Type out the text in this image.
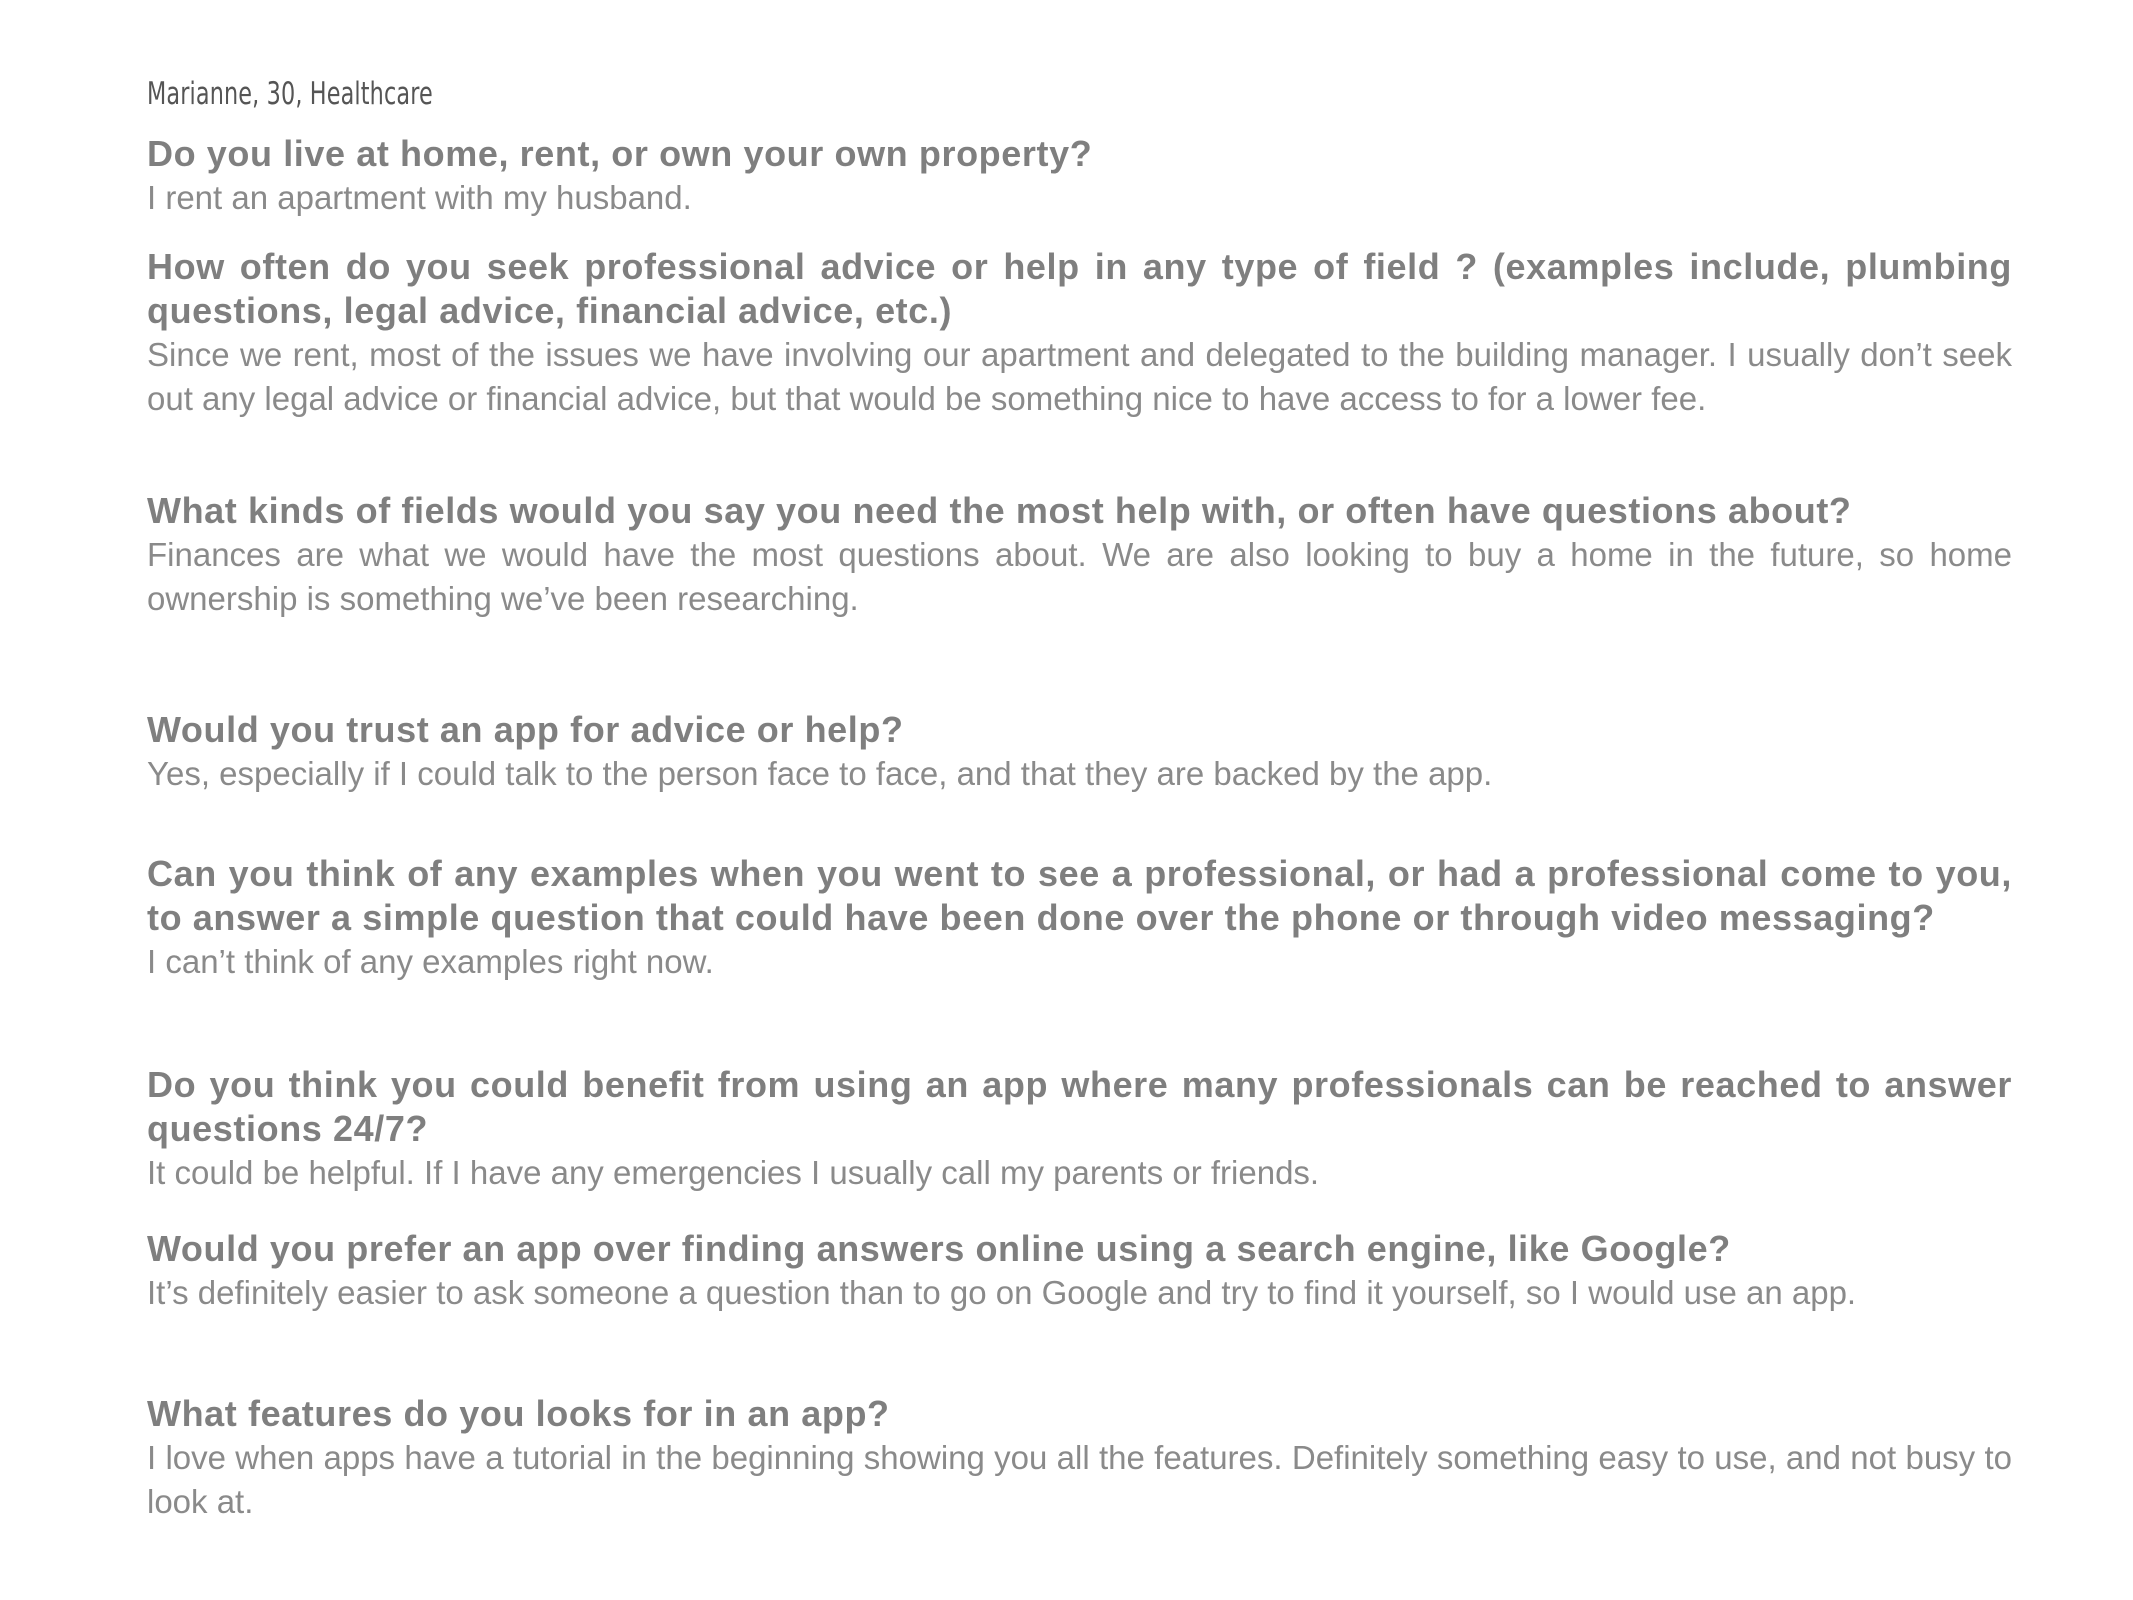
Marianne, 30, Healthcare

Do you live at home, rent, or own your own property?

I rent an apartment with my husband.

How often do you seek professional advice or help in any type of field ? (examples include, plumbing questions, legal advice, financial advice, etc.)

Since we rent, most of the issues we have involving our apartment and delegated to the building manager. I usually don’t seek out any legal advice or financial advice, but that would be something nice to have access to for a lower fee.

What kinds of fields would you say you need the most help with, or often have questions about?

Finances are what we would have the most questions about. We are also looking to buy a home in the future, so home ownership is something we’ve been researching.

Would you trust an app for advice or help?

Yes, especially if I could talk to the person face to face, and that they are backed by the app.

Can you think of any examples when you went to see a professional, or had a professional come to you, to answer a simple question that could have been done over the phone or through video messaging?

I can’t think of any examples right now.

Do you think you could benefit from using an app where many professionals can be reached to answer questions 24/7?

It could be helpful. If I have any emergencies I usually call my parents or friends.

Would you prefer an app over finding answers online using a search engine, like Google?

It’s definitely easier to ask someone a question than to go on Google and try to find it yourself, so I would use an app.

What features do you looks for in an app?

I love when apps have a tutorial in the beginning showing you all the features. Definitely something easy to use, and not busy to look at.
